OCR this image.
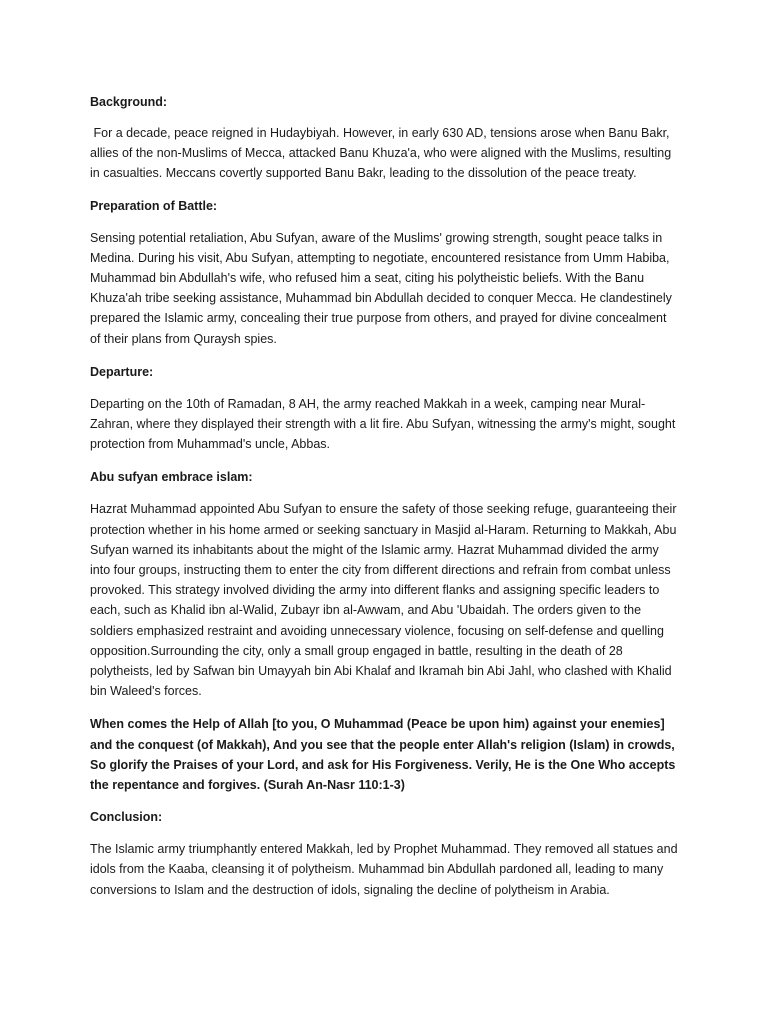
Background:
For a decade, peace reigned in Hudaybiyah. However, in early 630 AD, tensions arose when Banu Bakr, allies of the non-Muslims of Mecca, attacked Banu Khuza'a, who were aligned with the Muslims, resulting in casualties. Meccans covertly supported Banu Bakr, leading to the dissolution of the peace treaty.
Preparation of Battle:
Sensing potential retaliation, Abu Sufyan, aware of the Muslims' growing strength, sought peace talks in Medina. During his visit, Abu Sufyan, attempting to negotiate, encountered resistance from Umm Habiba, Muhammad bin Abdullah's wife, who refused him a seat, citing his polytheistic beliefs. With the Banu Khuza'ah tribe seeking assistance, Muhammad bin Abdullah decided to conquer Mecca. He clandestinely prepared the Islamic army, concealing their true purpose from others, and prayed for divine concealment of their plans from Quraysh spies.
Departure:
Departing on the 10th of Ramadan, 8 AH, the army reached Makkah in a week, camping near Mural-Zahran, where they displayed their strength with a lit fire. Abu Sufyan, witnessing the army's might, sought protection from Muhammad's uncle, Abbas.
Abu sufyan embrace islam:
Hazrat Muhammad appointed Abu Sufyan to ensure the safety of those seeking refuge, guaranteeing their protection whether in his home armed or seeking sanctuary in Masjid al-Haram. Returning to Makkah, Abu Sufyan warned its inhabitants about the might of the Islamic army. Hazrat Muhammad divided the army into four groups, instructing them to enter the city from different directions and refrain from combat unless provoked. This strategy involved dividing the army into different flanks and assigning specific leaders to each, such as Khalid ibn al-Walid, Zubayr ibn al-Awwam, and Abu 'Ubaidah. The orders given to the soldiers emphasized restraint and avoiding unnecessary violence, focusing on self-defense and quelling opposition.Surrounding the city, only a small group engaged in battle, resulting in the death of 28 polytheists, led by Safwan bin Umayyah bin Abi Khalaf and Ikramah bin Abi Jahl, who clashed with Khalid bin Waleed's forces.
When comes the Help of Allah [to you, O Muhammad (Peace be upon him) against your enemies] and the conquest (of Makkah), And you see that the people enter Allah's religion (Islam) in crowds, So glorify the Praises of your Lord, and ask for His Forgiveness. Verily, He is the One Who accepts the repentance and forgives. (Surah An-Nasr 110:1-3)
Conclusion:
The Islamic army triumphantly entered Makkah, led by Prophet Muhammad. They removed all statues and idols from the Kaaba, cleansing it of polytheism. Muhammad bin Abdullah pardoned all, leading to many conversions to Islam and the destruction of idols, signaling the decline of polytheism in Arabia.
